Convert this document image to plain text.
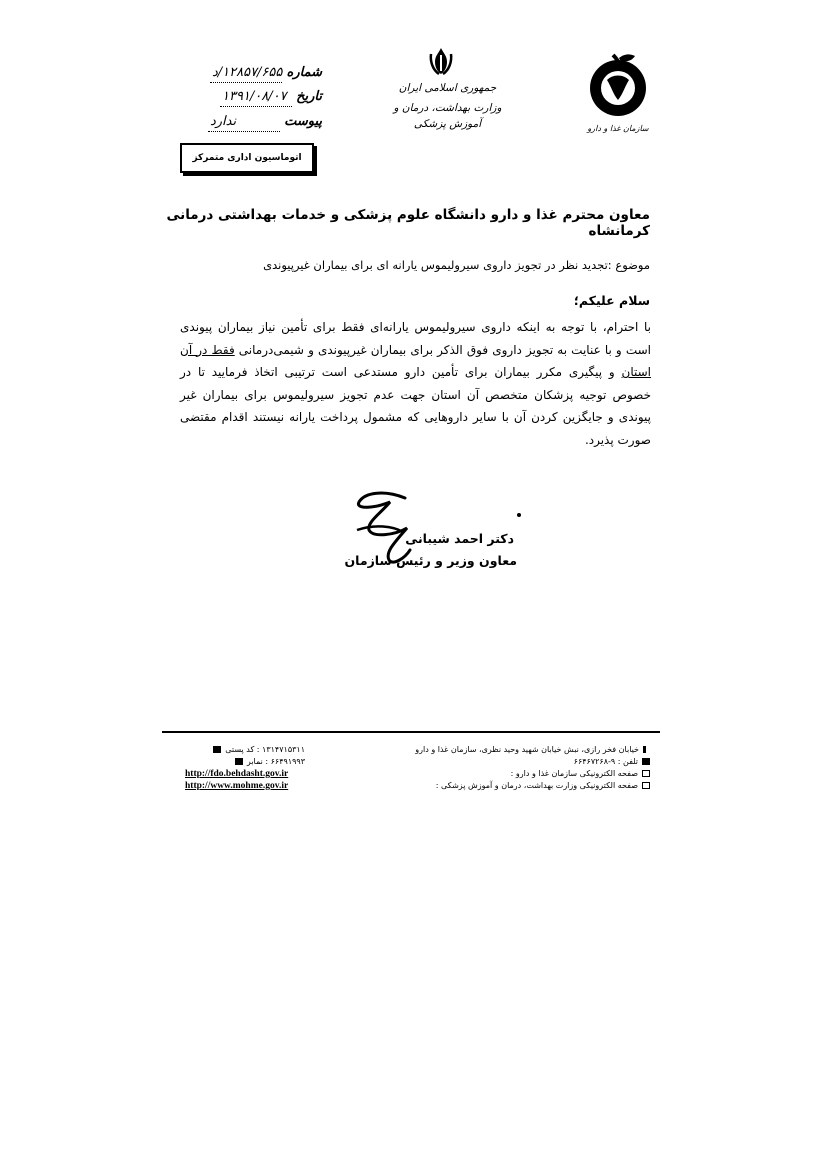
شماره ۱۲۸۵۷/۶۵۵/د
تاریخ ۱۳۹۱/۰۸/۰۷
پیوست ندارد
اتوماسیون اداری متمرکز
جمهوری اسلامی ایران
وزارت بهداشت، درمان و آموزش پزشکی	سازمان غذا و دارو
معاون محترم غذا و دارو دانشگاه علوم پزشکی و خدمات بهداشتی درمانی کرمانشاه
موضوع :تجدید نظر در تجویز داروی سیرولیموس یارانه ای برای بیماران غیرپیوندی
سلام علیکم؛
با احترام، با توجه به اینکه داروی سیرولیموس یارانه‌ای فقط برای تأمین نیاز بیماران پیوندی است و با عنایت به تجویز داروی فوق الذکر برای بیماران غیرپیوندی و شیمی‌درمانی فقط در آن استان و پیگیری مکرر بیماران برای تأمین دارو مستدعی است ترتیبی اتخاذ فرمایید تا در خصوص توجیه پزشکان متخصص آن استان جهت عدم تجویز سیرولیموس برای بیماران غیر پیوندی و جایگزین کردن آن با سایر داروهایی که مشمول پرداخت یارانه نیستند اقدام مقتضی صورت پذیرد.
دکتر احمد شیبانی
معاون وزیر و رئیس سازمان
خیابان فخر رازی، نبش خیابان شهید وحید نظری، سازمان غذا و دارو
تلفن : ۹-۶۶۴۶۷۲۶۸
صفحه الکترونیکی سازمان غذا و دارو :
صفحه الکترونیکی وزارت بهداشت، درمان و آموزش پزشکی :
۱۳۱۴۷۱۵۳۱۱ : کد پستی
۶۶۴۹۱۹۹۳ : نمابر
http://fdo.behdasht.gov.ir
http://www.mohme.gov.ir
